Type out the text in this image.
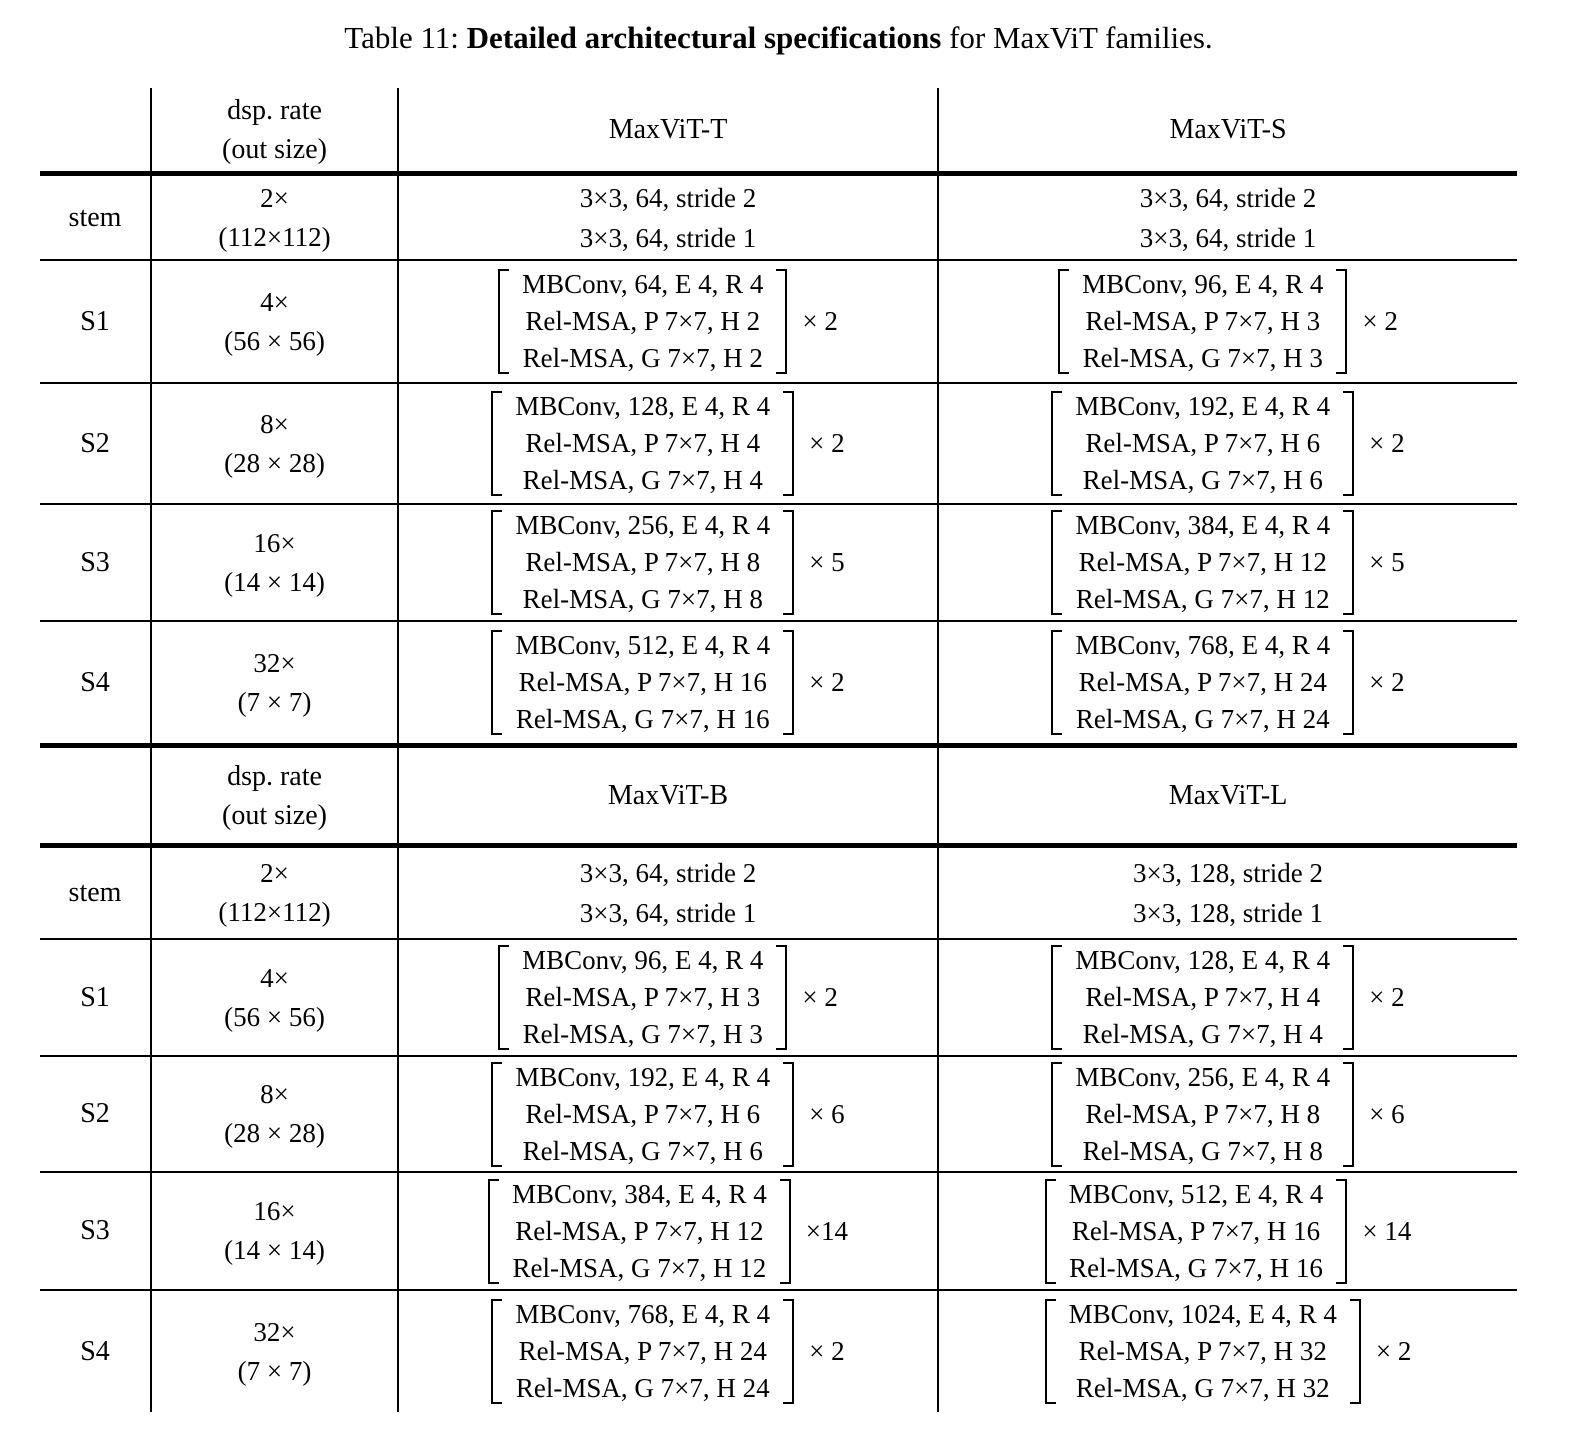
Table 11: Detailed architectural specifications for MaxViT families.
dsp. rate
(out size)
MaxViT-T	MaxViT-S
stem
2×
(112×112)
3×3, 64, stride 2
3×3, 64, stride 1
3×3, 64, stride 2
3×3, 64, stride 1
S1
4×
(56 × 56)
MBConv, 64, E 4, R 4
Rel-MSA, P 7×7, H 2
Rel-MSA, G 7×7, H 2
× 2
MBConv, 96, E 4, R 4
Rel-MSA, P 7×7, H 3
Rel-MSA, G 7×7, H 3
× 2
S2
8×
(28 × 28)
MBConv, 128, E 4, R 4
Rel-MSA, P 7×7, H 4
Rel-MSA, G 7×7, H 4
× 2
MBConv, 192, E 4, R 4
Rel-MSA, P 7×7, H 6
Rel-MSA, G 7×7, H 6
× 2
S3
16×
(14 × 14)
MBConv, 256, E 4, R 4
Rel-MSA, P 7×7, H 8
Rel-MSA, G 7×7, H 8
× 5
MBConv, 384, E 4, R 4
Rel-MSA, P 7×7, H 12
Rel-MSA, G 7×7, H 12
× 5
S4
32×
(7 × 7)
MBConv, 512, E 4, R 4
Rel-MSA, P 7×7, H 16
Rel-MSA, G 7×7, H 16
× 2
MBConv, 768, E 4, R 4
Rel-MSA, P 7×7, H 24
Rel-MSA, G 7×7, H 24
× 2
dsp. rate
(out size)
MaxViT-B	MaxViT-L
stem
2×
(112×112)
3×3, 64, stride 2
3×3, 64, stride 1
3×3, 128, stride 2
3×3, 128, stride 1
S1
4×
(56 × 56)
MBConv, 96, E 4, R 4
Rel-MSA, P 7×7, H 3
Rel-MSA, G 7×7, H 3
× 2
MBConv, 128, E 4, R 4
Rel-MSA, P 7×7, H 4
Rel-MSA, G 7×7, H 4
× 2
S2
8×
(28 × 28)
MBConv, 192, E 4, R 4
Rel-MSA, P 7×7, H 6
Rel-MSA, G 7×7, H 6
× 6
MBConv, 256, E 4, R 4
Rel-MSA, P 7×7, H 8
Rel-MSA, G 7×7, H 8
× 6
S3
16×
(14 × 14)
MBConv, 384, E 4, R 4
Rel-MSA, P 7×7, H 12
Rel-MSA, G 7×7, H 12
×14
MBConv, 512, E 4, R 4
Rel-MSA, P 7×7, H 16
Rel-MSA, G 7×7, H 16
× 14
S4
32×
(7 × 7)
MBConv, 768, E 4, R 4
Rel-MSA, P 7×7, H 24
Rel-MSA, G 7×7, H 24
× 2
MBConv, 1024, E 4, R 4
Rel-MSA, P 7×7, H 32
Rel-MSA, G 7×7, H 32
× 2
